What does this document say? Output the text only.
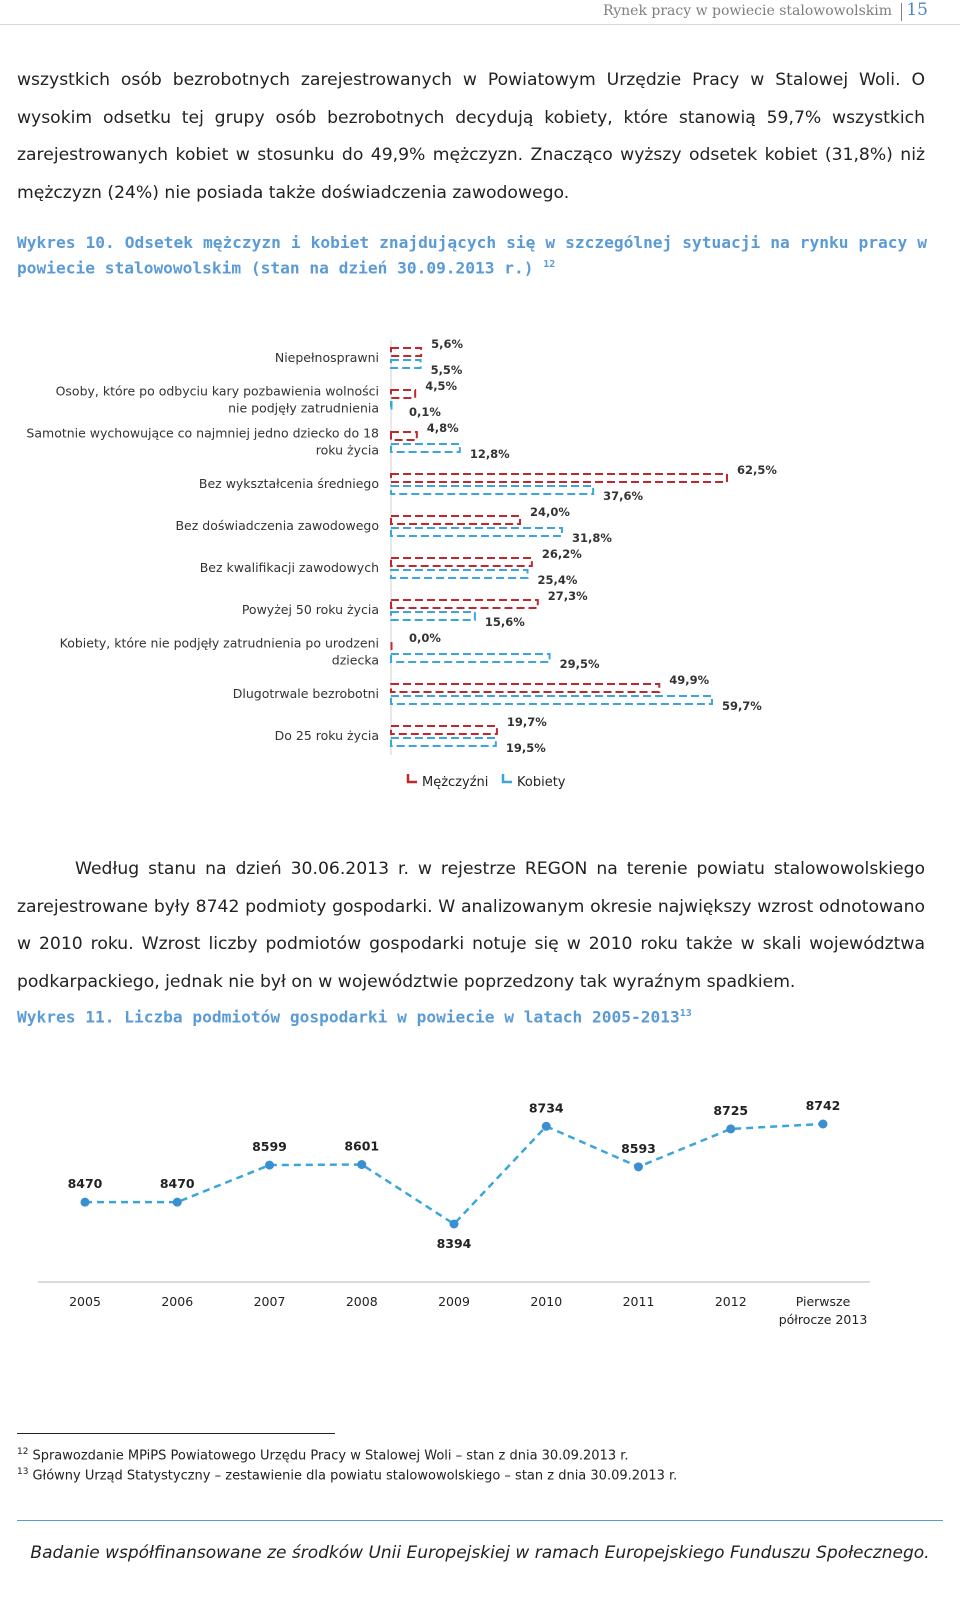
Rynek pracy w powiecie stalowowolskim 15

wszystkich osób bezrobotnych zarejestrowanych w Powiatowym Urzędzie Pracy w Stalowej Woli. O wysokim odsetku tej grupy osób bezrobotnych decydują kobiety, które stanowią 59,7% wszystkich zarejestrowanych kobiet w stosunku do 49,9% mężczyzn. Znacząco wyższy odsetek kobiet (31,8%) niż mężczyzn (24%) nie posiada także doświadczenia zawodowego.

Wykres 10. Odsetek mężczyzn i kobiet znajdujących się w szczególnej sytuacji na rynku pracy w powiecie stalowowolskim (stan na dzień 30.09.2013 r.) $^{12}$
Niepełnosprawni
5,6%
5,5%
Osoby, które po odbyciu kary pozbawienia wolności nie podjęły zatrudnienia
4,5%
0,1%
Samotnie wychowujące co najmniej jedno dziecko do 18 roku życia
4,8%
12,8%
Bez wykształcenia średniego
62,5%
37,6%
Bez doświadczenia zawodowego
24,0%
31,8%
Bez kwalifikacji zawodowych
26,2%
25,4%
Powyżej 50 roku życia
27,3%
15,6%
Kobiety, które nie podjęły zatrudnienia po urodzeni dziecka
0,0%
29,5%
Dlugotrwale bezrobotni
49,9%
59,7%
Do 25 roku życia
19,7%
19,5%
Mężczyźni Kobiety

Według stanu na dzień 30.06.2013 r. w rejestrze REGON na terenie powiatu stalowowolskiego zarejestrowane były 8742 podmioty gospodarki. W analizowanym okresie największy wzrost odnotowano w 2010 roku. Wzrost liczby podmiotów gospodarki notuje się w 2010 roku także w skali województwa podkarpackiego, jednak nie był on w województwie poprzedzony tak wyraźnym spadkiem.

Wykres 11. Liczba podmiotów gospodarki w powiecie w latach 2005-2013$^{13}$
8470	8470
8599	8601
8394
8734
8593
8725	8742
2005	2006	2007	2008	2009	2010	2011	2012	Pierwsze półrocze 2013
$^{12}$ Sprawozdanie MPiPS Powiatowego Urzędu Pracy w Stalowej Woli – stan z dnia 30.09.2013 r.
$^{13}$ Główny Urząd Statystyczny – zestawienie dla powiatu stalowowolskiego – stan z dnia 30.09.2013 r.
Badanie współfinansowane ze środków Unii Europejskiej w ramach Europejskiego Funduszu Społecznego.
